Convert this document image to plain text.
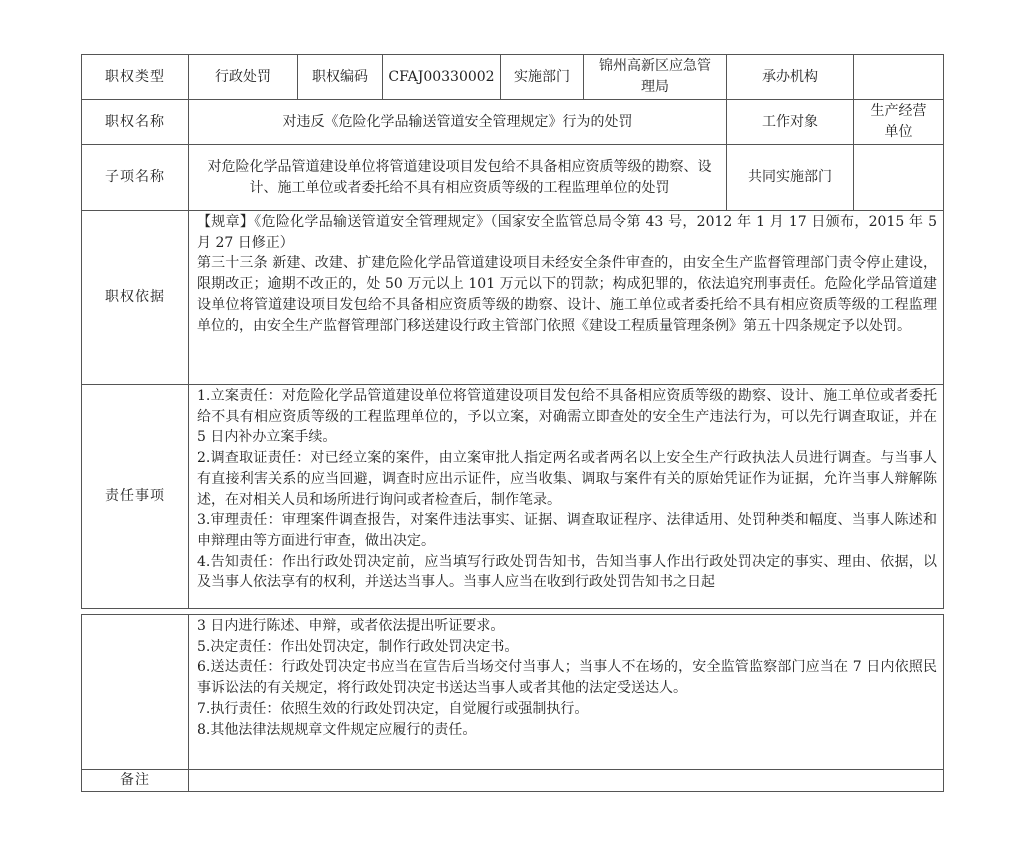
职权类型	行政处罚	职权编码	CFAJ00330002	实施部门	锦州高新区应急管理局	承办机构	
职权名称	对违反《危险化学品输送管道安全管理规定》行为的处罚					工作对象	生产经营单位
子项名称	对危险化学品管道建设单位将管道建设项目发包给不具备相应资质等级的勘察、设计、施工单位或者委托给不具有相应资质等级的工程监理单位的处罚					共同实施部门	
职权依据	【规章】《危险化学品输送管道安全管理规定》（国家安全监管总局令第 43 号，2012 年 1 月 17 日颁布，2015 年 5 月 27 日修正）

第三十三条 新建、改建、扩建危险化学品管道建设项目未经安全条件审查的，由安全生产监督管理部门责令停止建设，限期改正；逾期不改正的，处 50 万元以上 101 万元以下的罚款；构成犯罪的，依法追究刑事责任。危险化学品管道建设单位将管道建设项目发包给不具备相应资质等级的勘察、设计、施工单位或者委托给不具有相应资质等级的工程监理单位的，由安全生产监督管理部门移送建设行政主管部门依照《建设工程质量管理条例》第五十四条规定予以处罚。						

责任事项	1.立案责任：对危险化学品管道建设单位将管道建设项目发包给不具备相应资质等级的勘察、设计、施工单位或者委托给不具有相应资质等级的工程监理单位的，予以立案，对确需立即查处的安全生产违法行为，可以先行调查取证，并在 5 日内补办立案手续。

2.调查取证责任：对已经立案的案件，由立案审批人指定两名或者两名以上安全生产行政执法人员进行调查。与当事人有直接利害关系的应当回避，调查时应出示证件，应当收集、调取与案件有关的原始凭证作为证据，允许当事人辩解陈述，在对相关人员和场所进行询问或者检查后，制作笔录。

3.审理责任：审理案件调查报告，对案件违法事实、证据、调查取证程序、法律适用、处罚种类和幅度、当事人陈述和申辩理由等方面进行审查，做出决定。

4.告知责任：作出行政处罚决定前，应当填写行政处罚告知书，告知当事人作出行政处罚决定的事实、理由、依据，以及当事人依法享有的权利，并送达当事人。当事人应当在收到行政处罚告知书之日起						

	3 日内进行陈述、申辩，或者依法提出听证要求。

5.决定责任：作出处罚决定，制作行政处罚决定书。

6.送达责任：行政处罚决定书应当在宣告后当场交付当事人；当事人不在场的，安全监管监察部门应当在 7 日内依照民事诉讼法的有关规定，将行政处罚决定书送达当事人或者其他的法定受送达人。

7.执行责任：依照生效的行政处罚决定，自觉履行或强制执行。

8.其他法律法规规章文件规定应履行的责任。

备注	
